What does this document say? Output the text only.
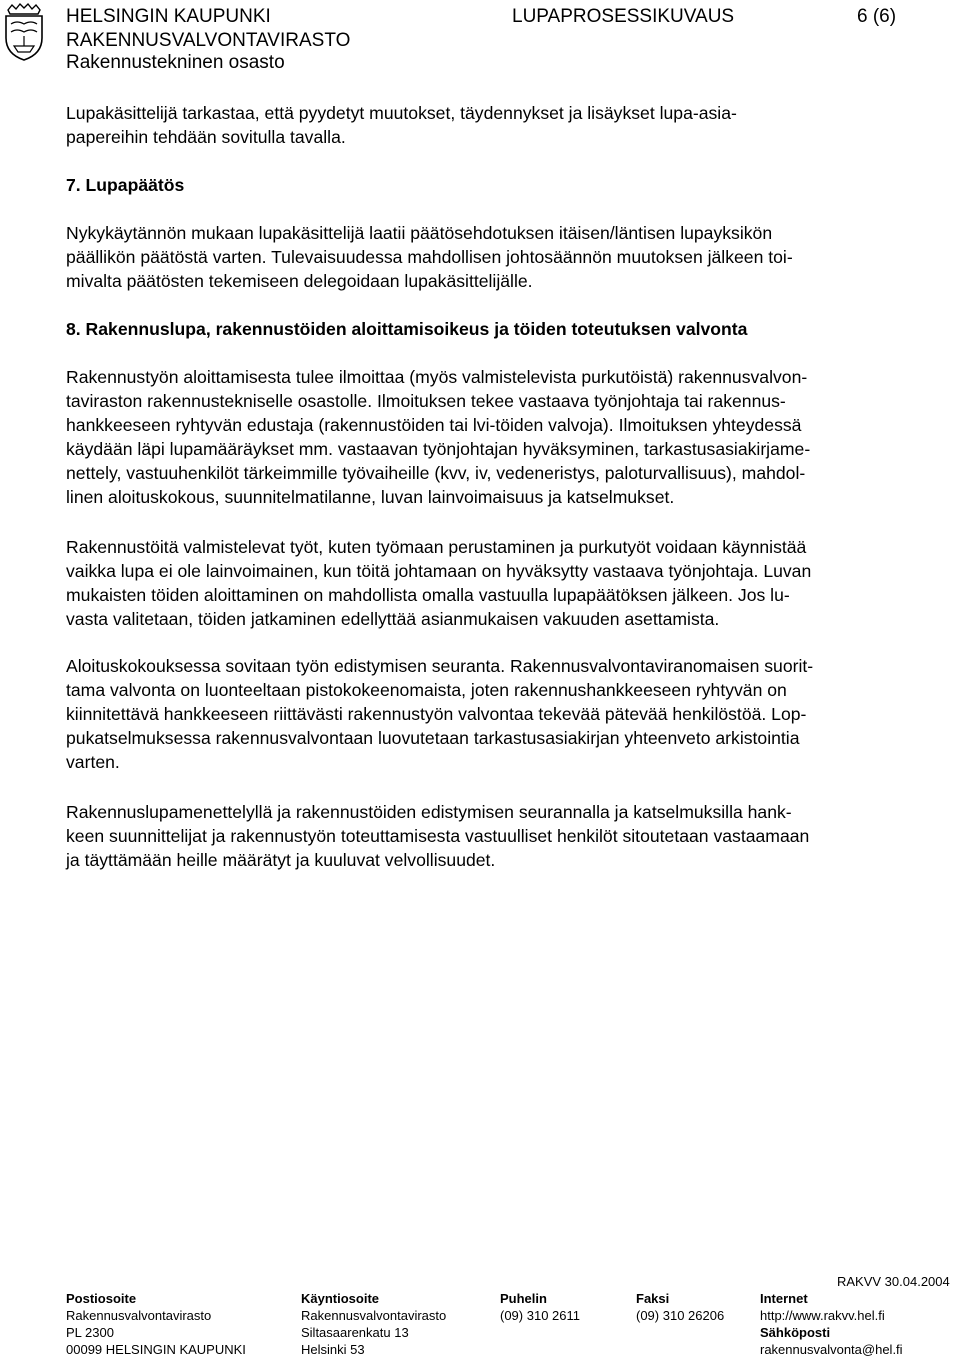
HELSINGIN KAUPUNKI	LUPAPROSESSIKUVAUS	6 (6)
RAKENNUSVALVONTAVIRASTO
Rakennustekninen osasto
Lupakäsittelijä tarkastaa, että pyydetyt muutokset, täydennykset ja lisäykset lupa-asia-
papereihin tehdään sovitulla tavalla.
7. Lupapäätös
Nykykäytännön mukaan lupakäsittelijä laatii päätösehdotuksen itäisen/läntisen lupayksikön
päällikön päätöstä varten. Tulevaisuudessa mahdollisen johtosäännön muutoksen jälkeen toi-
mivalta päätösten tekemiseen delegoidaan lupakäsittelijälle.
8. Rakennuslupa, rakennustöiden aloittamisoikeus ja töiden toteutuksen valvonta
Rakennustyön aloittamisesta tulee ilmoittaa (myös valmistelevista purkutöistä) rakennusvalvon-
taviraston rakennustekniselle osastolle. Ilmoituksen tekee vastaava työnjohtaja tai rakennus-
hankkeeseen ryhtyvän edustaja (rakennustöiden tai lvi-töiden valvoja). Ilmoituksen yhteydessä
käydään läpi lupamääräykset mm. vastaavan työnjohtajan hyväksyminen, tarkastusasiakirjame-
nettely, vastuuhenkilöt tärkeimmille työvaiheille (kvv, iv, vedeneristys, paloturvallisuus), mahdol-
linen aloituskokous, suunnitelmatilanne, luvan lainvoimaisuus ja katselmukset.
Rakennustöitä valmistelevat työt, kuten työmaan perustaminen ja purkutyöt voidaan käynnistää
vaikka lupa ei ole lainvoimainen, kun töitä johtamaan on hyväksytty vastaava työnjohtaja. Luvan
mukaisten töiden aloittaminen on mahdollista omalla vastuulla lupapäätöksen jälkeen. Jos lu-
vasta valitetaan, töiden jatkaminen edellyttää asianmukaisen vakuuden asettamista.
Aloituskokouksessa sovitaan työn edistymisen seuranta. Rakennusvalvontaviranomaisen suorit-
tama valvonta on luonteeltaan pistokokeenomaista, joten rakennushankkeeseen ryhtyvän on
kiinnitettävä hankkeeseen riittävästi rakennustyön valvontaa tekevää pätevää henkilöstöä. Lop-
pukatselmuksessa rakennusvalvontaan luovutetaan tarkastusasiakirjan yhteenveto arkistointia
varten.
Rakennuslupamenettelyllä ja rakennustöiden edistymisen seurannalla ja katselmuksilla hank-
keen suunnittelijat ja rakennustyön toteuttamisesta vastuulliset henkilöt sitoutetaan vastaamaan
ja täyttämään heille määrätyt ja kuuluvat velvollisuudet.
RAKVV 30.04.2004
Postiosoite
Rakennusvalvontavirasto
PL 2300
00099 HELSINGIN KAUPUNKI
Käyntiosoite
Rakennusvalvontavirasto
Siltasaarenkatu 13
Helsinki 53
Puhelin
(09) 310 2611
Faksi
(09) 310 26206
Internet
http://www.rakvv.hel.fi
Sähköposti
rakennusvalvonta@hel.fi
